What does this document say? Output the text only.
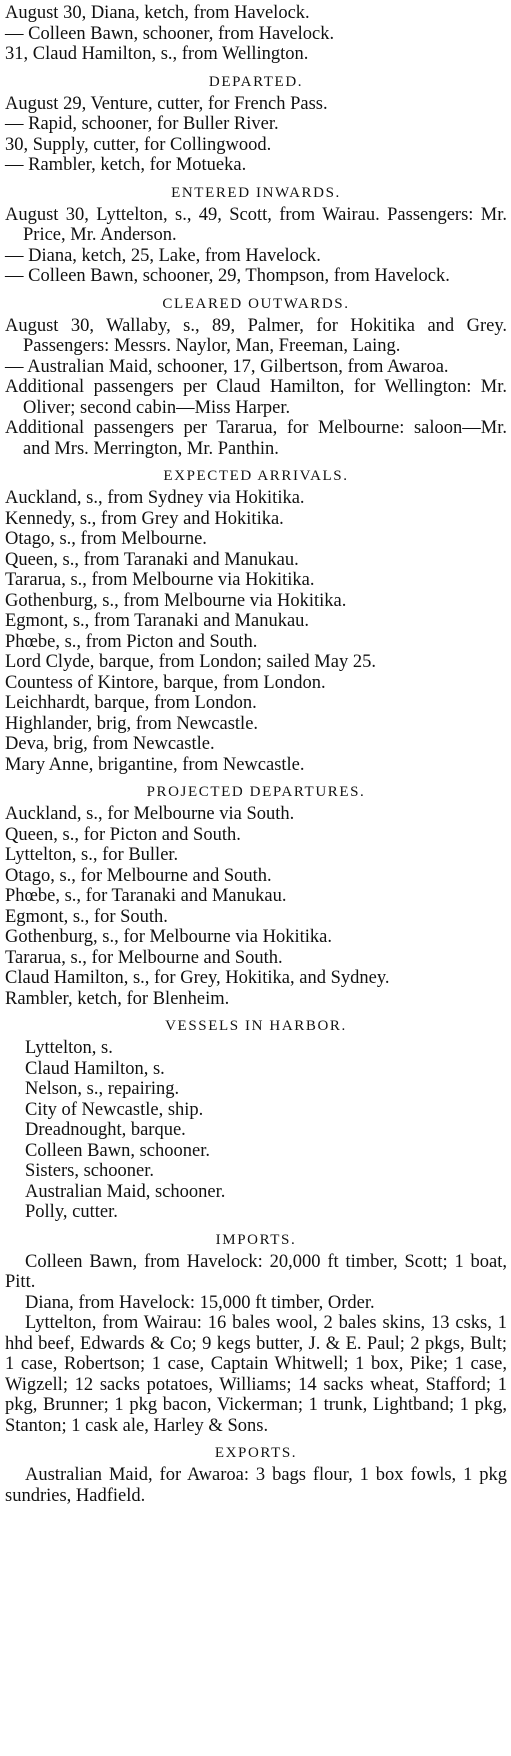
August 30, Diana, ketch, from Havelock.

— Colleen Bawn, schooner, from Havelock.

31, Claud Hamilton, s., from Wellington.

DEPARTED.

August 29, Venture, cutter, for French Pass.

— Rapid, schooner, for Buller River.

30, Supply, cutter, for Collingwood.

— Rambler, ketch, for Motueka.

ENTERED INWARDS.

August 30, Lyttelton, s., 49, Scott, from Wairau. Passengers: Mr. Price, Mr. Anderson.

— Diana, ketch, 25, Lake, from Havelock.

— Colleen Bawn, schooner, 29, Thompson, from Havelock.

CLEARED OUTWARDS.

August 30, Wallaby, s., 89, Palmer, for Hokitika and Grey. Passengers: Messrs. Naylor, Man, Freeman, Laing.

— Australian Maid, schooner, 17, Gilbertson, from Awaroa.

Additional passengers per Claud Hamilton, for Wellington: Mr. Oliver; second cabin—Miss Harper.

Additional passengers per Tararua, for Melbourne: saloon—Mr. and Mrs. Merrington, Mr. Panthin.

EXPECTED ARRIVALS.

Auckland, s., from Sydney via Hokitika.

Kennedy, s., from Grey and Hokitika.

Otago, s., from Melbourne.

Queen, s., from Taranaki and Manukau.

Tararua, s., from Melbourne via Hokitika.

Gothenburg, s., from Melbourne via Hokitika.

Egmont, s., from Taranaki and Manukau.

Phœbe, s., from Picton and South.

Lord Clyde, barque, from London; sailed May 25.

Countess of Kintore, barque, from London.

Leichhardt, barque, from London.

Highlander, brig, from Newcastle.

Deva, brig, from Newcastle.

Mary Anne, brigantine, from Newcastle.

PROJECTED DEPARTURES.

Auckland, s., for Melbourne via South.

Queen, s., for Picton and South.

Lyttelton, s., for Buller.

Otago, s., for Melbourne and South.

Phœbe, s., for Taranaki and Manukau.

Egmont, s., for South.

Gothenburg, s., for Melbourne via Hokitika.

Tararua, s., for Melbourne and South.

Claud Hamilton, s., for Grey, Hokitika, and Sydney.

Rambler, ketch, for Blenheim.

VESSELS IN HARBOR.

Lyttelton, s.

Claud Hamilton, s.

Nelson, s., repairing.

City of Newcastle, ship.

Dreadnought, barque.

Colleen Bawn, schooner.

Sisters, schooner.

Australian Maid, schooner.

Polly, cutter.

IMPORTS.

Colleen Bawn, from Havelock: 20,000 ft timber, Scott; 1 boat, Pitt.

Diana, from Havelock: 15,000 ft timber, Order.

Lyttelton, from Wairau: 16 bales wool, 2 bales skins, 13 csks, 1 hhd beef, Edwards & Co; 9 kegs butter, J. & E. Paul; 2 pkgs, Bult; 1 case, Robertson; 1 case, Captain Whitwell; 1 box, Pike; 1 case, Wigzell; 12 sacks potatoes, Williams; 14 sacks wheat, Stafford; 1 pkg, Brunner; 1 pkg bacon, Vickerman; 1 trunk, Lightband; 1 pkg, Stanton; 1 cask ale, Harley & Sons.

EXPORTS.

Australian Maid, for Awaroa: 3 bags flour, 1 box fowls, 1 pkg sundries, Hadfield.
